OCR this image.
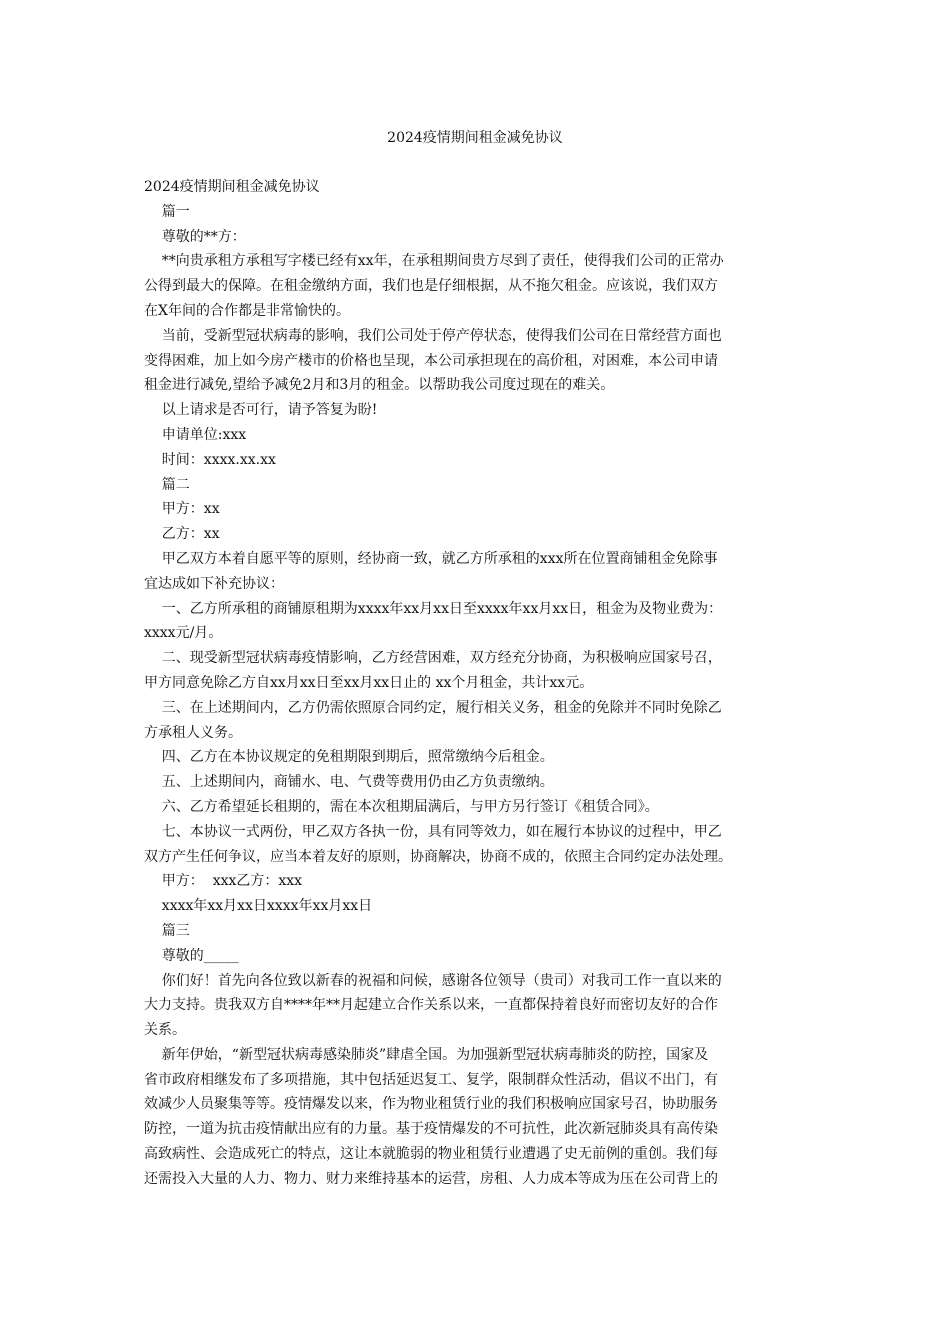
2024疫情期间租金减免协议
2024疫情期间租金减免协议
篇一
尊敬的**方：
**向贵承租方承租写字楼已经有xx年，在承租期间贵方尽到了责任，使得我们公司的正常办
公得到最大的保障。在租金缴纳方面，我们也是仔细根据，从不拖欠租金。应该说，我们双方
在X年间的合作都是非常愉快的。
当前，受新型冠状病毒的影响，我们公司处于停产停状态，使得我们公司在日常经营方面也
变得困难，加上如今房产楼市的价格也呈现，本公司承担现在的高价租，对困难，本公司申请
租金进行减免,望给予减免2月和3月的租金。以帮助我公司度过现在的难关。
以上请求是否可行，请予答复为盼!
申请单位:xxx
时间：xxxx.xx.xx
篇二
甲方：xx
乙方：xx
甲乙双方本着自愿平等的原则，经协商一致，就乙方所承租的xxx所在位置商铺租金免除事
宜达成如下补充协议：
一、乙方所承租的商铺原租期为xxxx年xx月xx日至xxxx年xx月xx日，租金为及物业费为：
xxxx元/月。
二、现受新型冠状病毒疫情影响，乙方经营困难，双方经充分协商，为积极响应国家号召，
甲方同意免除乙方自xx月xx日至xx月xx日止的 xx个月租金，共计xx元。
三、在上述期间内，乙方仍需依照原合同约定，履行相关义务，租金的免除并不同时免除乙
方承租人义务。
四、乙方在本协议规定的免租期限到期后，照常缴纳今后租金。
五、上述期间内，商铺水、电、气费等费用仍由乙方负责缴纳。
六、乙方希望延长租期的，需在本次租期届满后，与甲方另行签订《租赁合同》。
七、本协议一式两份，甲乙双方各执一份，具有同等效力，如在履行本协议的过程中，甲乙
双方产生任何争议，应当本着友好的原则，协商解决，协商不成的，依照主合同约定办法处理。
甲方：  xxx乙方：xxx
xxxx年xx月xx日xxxx年xx月xx日
篇三
尊敬的_____
你们好！首先向各位致以新春的祝福和问候，感谢各位领导（贵司）对我司工作一直以来的
大力支持。贵我双方自****年**月起建立合作关系以来，一直都保持着良好而密切友好的合作
关系。
新年伊始，“新型冠状病毒感染肺炎”肆虐全国。为加强新型冠状病毒肺炎的防控，国家及
省市政府相继发布了多项措施，其中包括延迟复工、复学，限制群众性活动，倡议不出门，有
效减少人员聚集等等。疫情爆发以来，作为物业租赁行业的我们积极响应国家号召，协助服务
防控，一道为抗击疫情献出应有的力量。基于疫情爆发的不可抗性，此次新冠肺炎具有高传染
高致病性、会造成死亡的特点，这让本就脆弱的物业租赁行业遭遇了史无前例的重创。我们每
还需投入大量的人力、物力、财力来维持基本的运营，房租、人力成本等成为压在公司背上的
